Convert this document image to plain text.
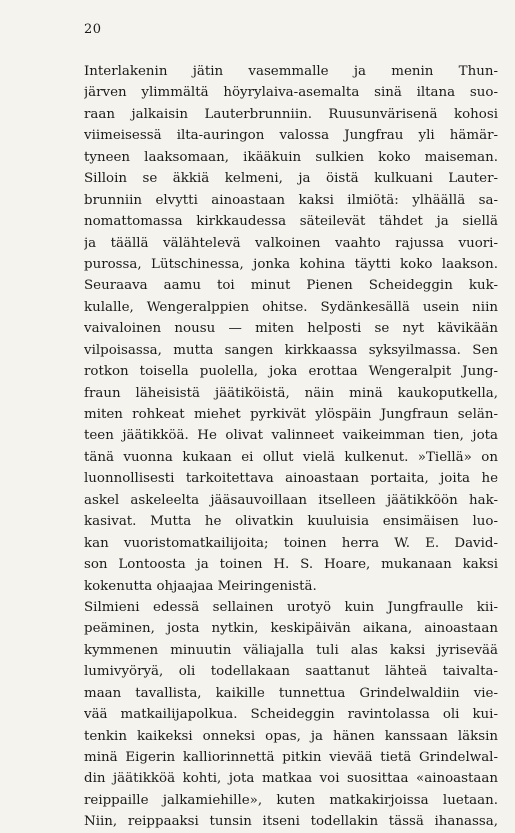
20
Interlakenin jätin vasemmalle ja menin Thun-
järven ylimmältä höyrylaiva-asemalta sinä iltana suo-
raan jalkaisin Lauterbrunniin. Ruusunvärisenä kohosi
viimeisessä ilta-auringon valossa Jungfrau yli hämär-
tyneen laaksomaan, ikääkuin sulkien koko maiseman.
Silloin se äkkiä kelmeni, ja öistä kulkuani Lauter-
brunniin elvytti ainoastaan kaksi ilmiötä: ylhäällä sa-
nomattomassa kirkkaudessa säteilevät tähdet ja siellä
ja täällä välähtelevä valkoinen vaahto rajussa vuori-
purossa, Lütschinessa, jonka kohina täytti koko laakson.
Seuraava aamu toi minut Pienen Scheideggin kuk-
kulalle, Wengeralppien ohitse. Sydänkesällä usein niin
vaivaloinen nousu — miten helposti se nyt kävikään
vilpoisassa, mutta sangen kirkkaassa syksyilmassa. Sen
rotkon toisella puolella, joka erottaa Wengeralpit Jung-
fraun läheisistä jäätiköistä, näin minä kaukoputkella,
miten rohkeat miehet pyrkivät ylöspäin Jungfraun selän-
teen jäätikköä. He olivat valinneet vaikeimman tien, jota
tänä vuonna kukaan ei ollut vielä kulkenut. »Tiellä» on
luonnollisesti tarkoitettava ainoastaan portaita, joita he
askel askeleelta jääsauvoillaan itselleen jäätikköön hak-
kasivat. Mutta he olivatkin kuuluisia ensimäisen luo-
kan vuoristomatkailijoita; toinen herra W. E. David-
son Lontoosta ja toinen H. S. Hoare, mukanaan kaksi
kokenutta ohjaajaa Meiringenistä.
Silmieni edessä sellainen urotyö kuin Jungfraulle kii-
peäminen, josta nytkin, keskipäivän aikana, ainoastaan
kymmenen minuutin väliajalla tuli alas kaksi jyrisevää
lumivyöryä, oli todellakaan saattanut lähteä taivalta-
maan tavallista, kaikille tunnettua Grindelwaldiin vie-
vää matkailijapolkua. Scheideggin ravintolassa oli kui-
tenkin kaikeksi onneksi opas, ja hänen kanssaan läksin
minä Eigerin kalliorinnettä pitkin vievää tietä Grindelwal-
din jäätikköä kohti, jota matkaa voi suosittaa «ainoastaan
reippaille jalkamiehille», kuten matkakirjoissa luetaan.
Niin, reippaaksi tunsin itseni todellakin tässä ihanassa,
